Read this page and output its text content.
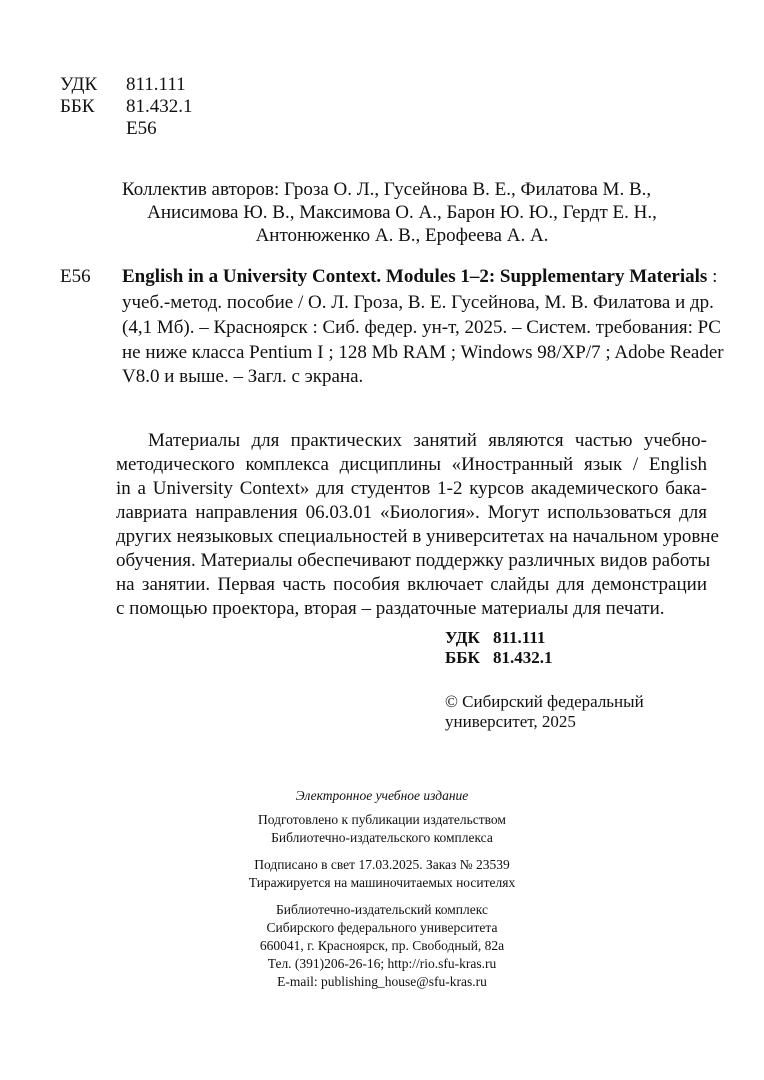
УДК 811.111
ББК 81.432.1
Е56
Коллектив авторов: Гроза О. Л., Гусейнова В. Е., Филатова М. В.,
Анисимова Ю. В., Максимова О. А., Барон Ю. Ю., Гердт Е. Н.,
Антонюженко А. В., Ерофеева А. А.
Е56 English in a University Context. Modules 1–2: Supplementary Materials :
учеб.-метод. пособие / О. Л. Гроза, В. Е. Гусейнова, М. В. Филатова и др.
(4,1 Мб). – Красноярск : Сиб. федер. ун-т, 2025. – Систем. требования: PC
не ниже класса Pentium I ; 128 Mb RAM ; Windows 98/XP/7 ; Adobe Reader
V8.0 и выше. – Загл. с экрана.
Материалы для практических занятий являются частью учебно-
методического комплекса дисциплины «Иностранный язык / English
in a University Context» для студентов 1-2 курсов академического бака-
лавриата направления 06.03.01 «Биология». Могут использоваться для
других неязыковых специальностей в университетах на начальном уровне
обучения. Материалы обеспечивают поддержку различных видов работы
на занятии. Первая часть пособия включает слайды для демонстрации
с помощью проектора, вторая – раздаточные материалы для печати.
УДК 811.111
ББК 81.432.1
© Сибирский федеральный
университет, 2025
Электронное учебное издание
Подготовлено к публикации издательством
Библиотечно-издательского комплекса
Подписано в свет 17.03.2025. Заказ № 23539
Тиражируется на машиночитаемых носителях
Библиотечно-издательский комплекс
Сибирского федерального университета
660041, г. Красноярск, пр. Свободный, 82а
Тел. (391)206-26-16; http://rio.sfu-kras.ru
E-mail: publishing_house@sfu-kras.ru
